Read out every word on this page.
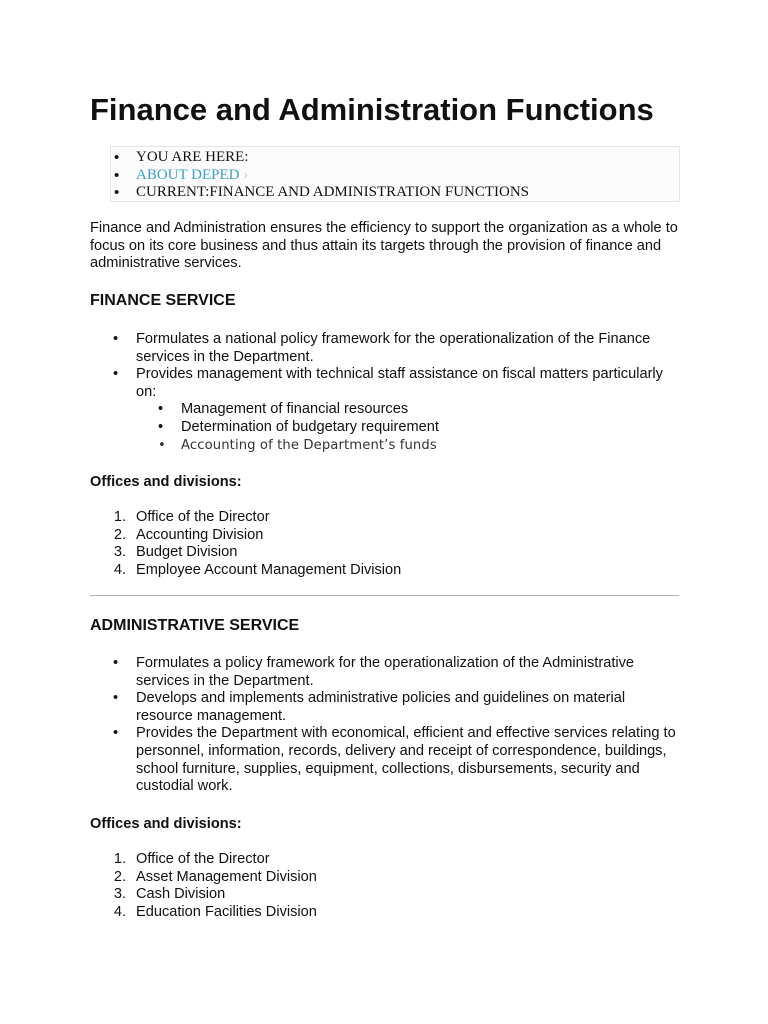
Finance and Administration Functions
• YOU ARE HERE:
• ABOUT DEPED ›
• CURRENT:FINANCE AND ADMINISTRATION FUNCTIONS

Finance and Administration ensures the efficiency to support the organization as a whole to focus on its core business and thus attain its targets through the provision of finance and administrative services.

FINANCE SERVICE
• Formulates a national policy framework for the operationalization of the Finance services in the Department.
• Provides management with technical staff assistance on fiscal matters particularly on:
• Management of financial resources
• Determination of budgetary requirement
• Accounting of the Department’s funds
Offices and divisions:
1. Office of the Director
2. Accounting Division
3. Budget Division
4. Employee Account Management Division
ADMINISTRATIVE SERVICE
• Formulates a policy framework for the operationalization of the Administrative services in the Department.
• Develops and implements administrative policies and guidelines on material resource management.
• Provides the Department with economical, efficient and effective services relating to personnel, information, records, delivery and receipt of correspondence, buildings, school furniture, supplies, equipment, collections, disbursements, security and custodial work.
Offices and divisions:
1. Office of the Director
2. Asset Management Division
3. Cash Division
4. Education Facilities Division
